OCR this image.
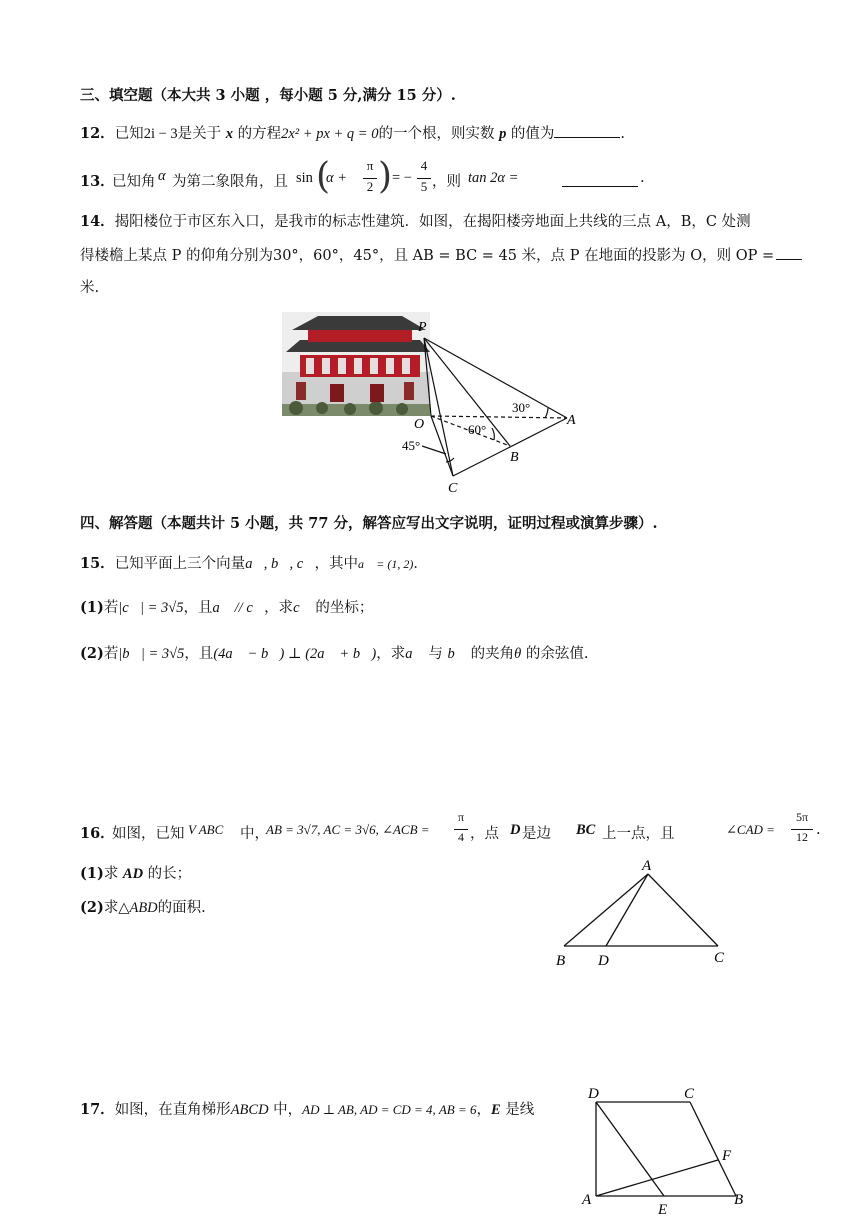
三、填空题（本大共 3 小题 ，每小题 5 分,满分 15 分）.
12．已知2i − 3是关于 x 的方程2x² + px + q = 0的一个根，则实数 p 的值为	.
13．
已知角 α 为第二象限角，且 sin (
α +
π
2 ) = −
4
5 ，则 tan 2α =	.
14．揭阳楼位于市区东入口，是我市的标志性建筑．如图，在揭阳楼旁地面上共线的三点 A，B，C 处测
得楼檐上某点 P 的仰角分别为30°，60°，45°，且 AB = BC = 45 米，点 P 在地面的投影为 O，则 OP =
米.
P
O	A
B
C
30°
60°
45°
四、解答题（本题共计 5 小题，共 77 分，解答应写出文字说明，证明过程或演算步骤）.
15．已知平面上三个向量a⃗, b⃗, c⃗，其中a⃗ = (1, 2)．
(1)若|c⃗| = 3√5，且a⃗ // c⃗，求c⃗ 的坐标；
(2)若|b⃗| = 3√5，且(4a⃗ − b⃗) ⊥ (2a⃗ + b⃗)，求a⃗ 与 b⃗ 的夹角θ 的余弦值.
16．
如图，已知 V ABC 中，
AB = 3√7, AC = 3√6, ∠ACB =
π
4 ，点 D 是边 BC 上一点，且	∠CAD =
5π
12 .
(1)求 AD 的长；
(2)求△ABD的面积.
A
B D	C
17．如图，在直角梯形ABCD 中，AD ⊥ AB, AD = CD = 4, AB = 6，E 是线
D	C
F
A
E
B
